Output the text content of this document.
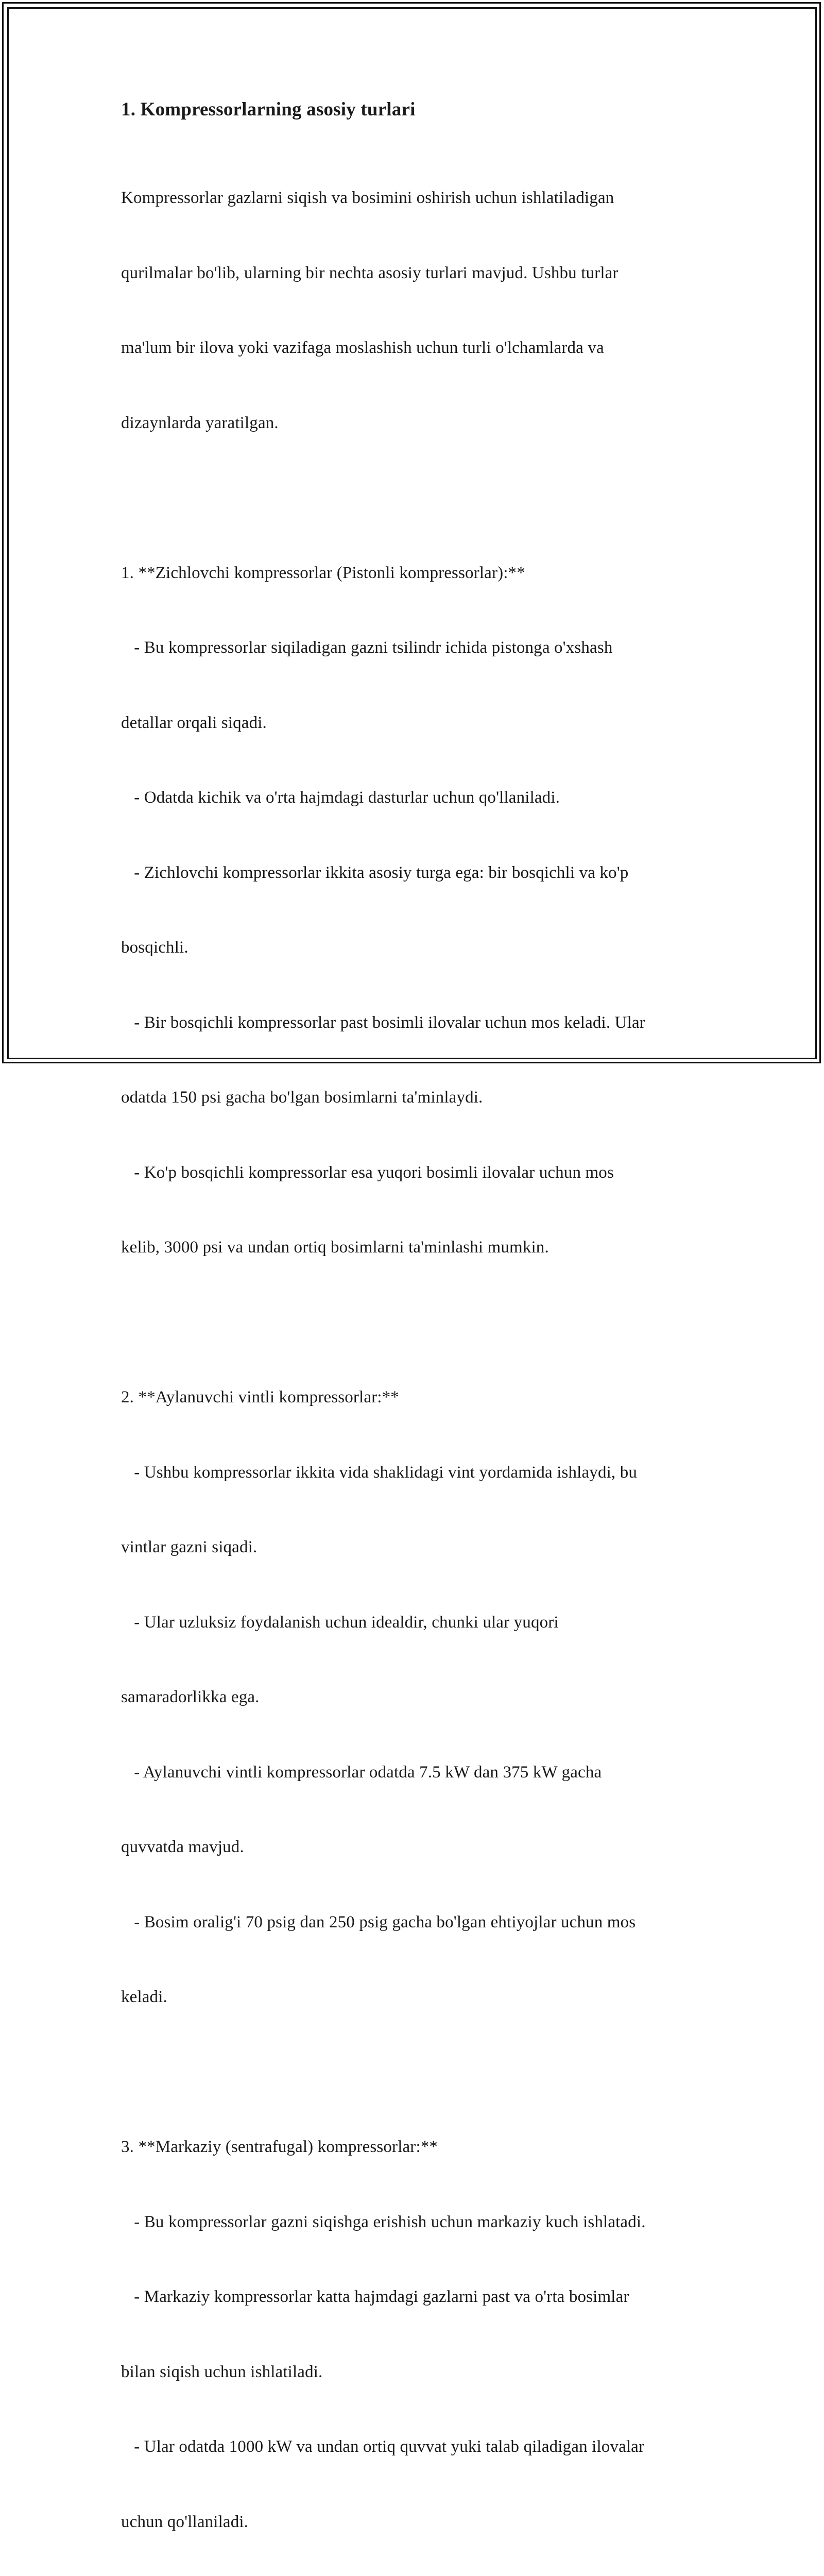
1. Kompressorlarning asosiy turlari

Kompressorlar gazlarni siqish va bosimini oshirish uchun ishlatiladigan

qurilmalar bo'lib, ularning bir nechta asosiy turlari mavjud. Ushbu turlar

ma'lum bir ilova yoki vazifaga moslashish uchun turli o'lchamlarda va

dizaynlarda yaratilgan.

1. **Zichlovchi kompressorlar (Pistonli kompressorlar):**

- Bu kompressorlar siqiladigan gazni tsilindr ichida pistonga o'xshash

detallar orqali siqadi.

- Odatda kichik va o'rta hajmdagi dasturlar uchun qo'llaniladi.

- Zichlovchi kompressorlar ikkita asosiy turga ega: bir bosqichli va ko'p

bosqichli.

- Bir bosqichli kompressorlar past bosimli ilovalar uchun mos keladi. Ular

odatda 150 psi gacha bo'lgan bosimlarni ta'minlaydi.

- Ko'p bosqichli kompressorlar esa yuqori bosimli ilovalar uchun mos

kelib, 3000 psi va undan ortiq bosimlarni ta'minlashi mumkin.

2. **Aylanuvchi vintli kompressorlar:**

- Ushbu kompressorlar ikkita vida shaklidagi vint yordamida ishlaydi, bu

vintlar gazni siqadi.

- Ular uzluksiz foydalanish uchun idealdir, chunki ular yuqori

samaradorlikka ega.

- Aylanuvchi vintli kompressorlar odatda 7.5 kW dan 375 kW gacha

quvvatda mavjud.

- Bosim oralig'i 70 psig dan 250 psig gacha bo'lgan ehtiyojlar uchun mos

keladi.

3. **Markaziy (sentrafugal) kompressorlar:**

- Bu kompressorlar gazni siqishga erishish uchun markaziy kuch ishlatadi.

- Markaziy kompressorlar katta hajmdagi gazlarni past va o'rta bosimlar

bilan siqish uchun ishlatiladi.

- Ular odatda 1000 kW va undan ortiq quvvat yuki talab qiladigan ilovalar

uchun qo'llaniladi.
